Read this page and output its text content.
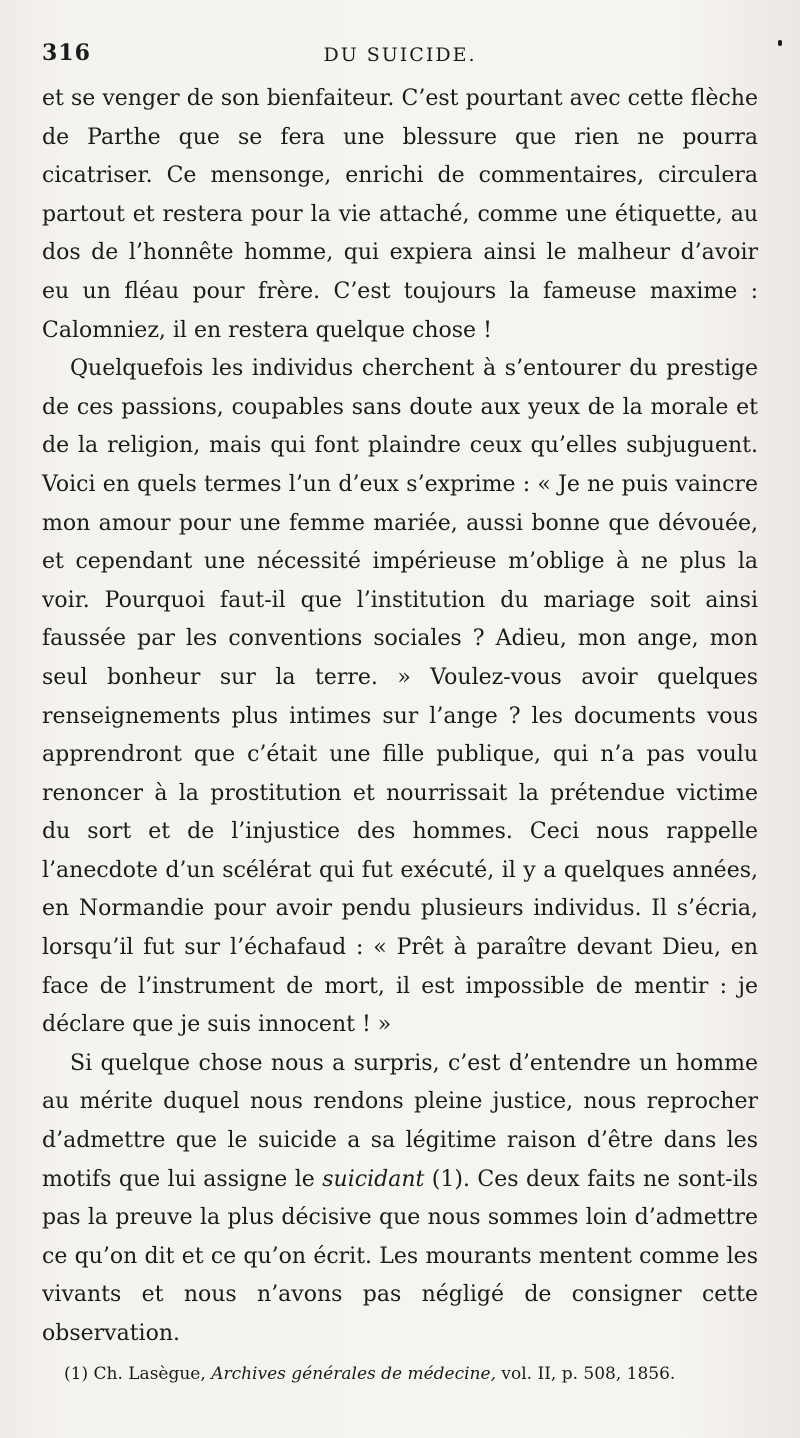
316	DU SUICIDE.

et se venger de son bienfaiteur. C’est pourtant avec cette flèche de Parthe que se fera une blessure que rien ne pourra cicatriser. Ce mensonge, enrichi de commentaires, circulera partout et restera pour la vie attaché, comme une étiquette, au dos de l’honnête homme, qui expiera ainsi le malheur d’avoir eu un fléau pour frère. C’est toujours la fameuse maxime : Calomniez, il en restera quelque chose !

Quelquefois les individus cherchent à s’entourer du prestige de ces passions, coupables sans doute aux yeux de la morale et de la religion, mais qui font plaindre ceux qu’elles subjuguent. Voici en quels termes l’un d’eux s’exprime : « Je ne puis vaincre mon amour pour une femme mariée, aussi bonne que dévouée, et cependant une nécessité impérieuse m’oblige à ne plus la voir. Pourquoi faut-il que l’institution du mariage soit ainsi faussée par les conventions sociales ? Adieu, mon ange, mon seul bonheur sur la terre. » Voulez-vous avoir quelques renseignements plus intimes sur l’ange ? les documents vous apprendront que c’était une fille publique, qui n’a pas voulu renoncer à la prostitution et nourrissait la prétendue victime du sort et de l’injustice des hommes. Ceci nous rappelle l’anecdote d’un scélérat qui fut exécuté, il y a quelques années, en Normandie pour avoir pendu plusieurs individus. Il s’écria, lorsqu’il fut sur l’échafaud : « Prêt à paraître devant Dieu, en face de l’instrument de mort, il est impossible de mentir : je déclare que je suis innocent ! »

Si quelque chose nous a surpris, c’est d’entendre un homme au mérite duquel nous rendons pleine justice, nous reprocher d’admettre que le suicide a sa légitime raison d’être dans les motifs que lui assigne le suicidant (1). Ces deux faits ne sont-ils pas la preuve la plus décisive que nous sommes loin d’admettre ce qu’on dit et ce qu’on écrit. Les mourants mentent comme les vivants et nous n’avons pas négligé de consigner cette observation.

(1) Ch. Lasègue, Archives générales de médecine, vol. II, p. 508, 1856.
